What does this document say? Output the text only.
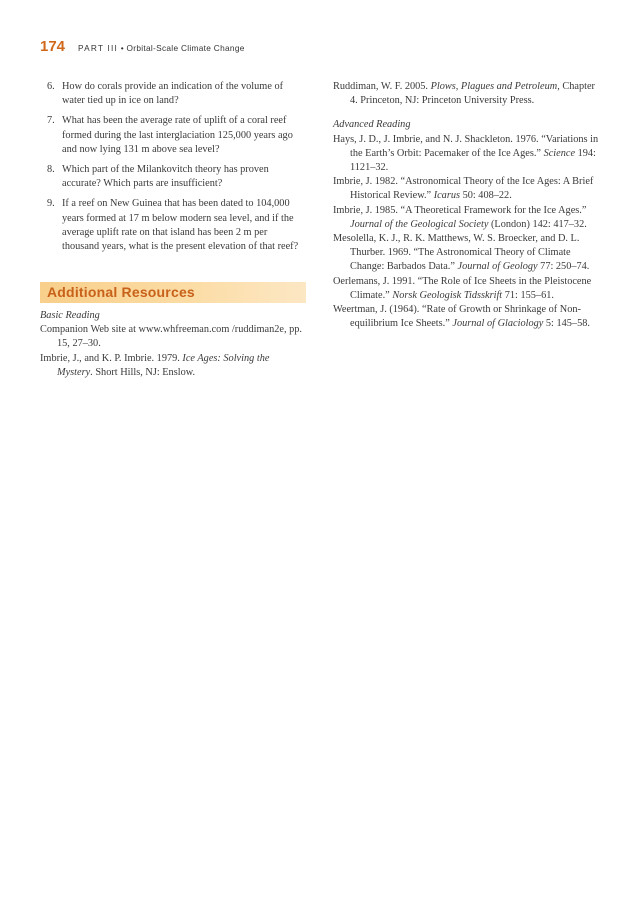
174 PART III • Orbital-Scale Climate Change
6. How do corals provide an indication of the volume of water tied up in ice on land?
7. What has been the average rate of uplift of a coral reef formed during the last interglaciation 125,000 years ago and now lying 131 m above sea level?
8. Which part of the Milankovitch theory has proven accurate? Which parts are insufficient?
9. If a reef on New Guinea that has been dated to 104,000 years formed at 17 m below modern sea level, and if the average uplift rate on that island has been 2 m per thousand years, what is the present elevation of that reef?
Additional Resources
Basic Reading
Companion Web site at www.whfreeman.com /ruddiman2e, pp. 15, 27–30.
Imbrie, J., and K. P. Imbrie. 1979. Ice Ages: Solving the Mystery. Short Hills, NJ: Enslow.
Ruddiman, W. F. 2005. Plows, Plagues and Petroleum, Chapter 4. Princeton, NJ: Princeton University Press.
Advanced Reading
Hays, J. D., J. Imbrie, and N. J. Shackleton. 1976. “Variations in the Earth’s Orbit: Pacemaker of the Ice Ages.” Science 194: 1121–32.
Imbrie, J. 1982. “Astronomical Theory of the Ice Ages: A Brief Historical Review.” Icarus 50: 408–22.
Imbrie, J. 1985. “A Theoretical Framework for the Ice Ages.” Journal of the Geological Society (London) 142: 417–32.
Mesolella, K. J., R. K. Matthews, W. S. Broecker, and D. L. Thurber. 1969. “The Astronomical Theory of Climate Change: Barbados Data.” Journal of Geology 77: 250–74.
Oerlemans, J. 1991. “The Role of Ice Sheets in the Pleistocene Climate.” Norsk Geologisk Tidsskrift 71: 155–61.
Weertman, J. (1964). “Rate of Growth or Shrinkage of Non-equilibrium Ice Sheets.” Journal of Glaciology 5: 145–58.
